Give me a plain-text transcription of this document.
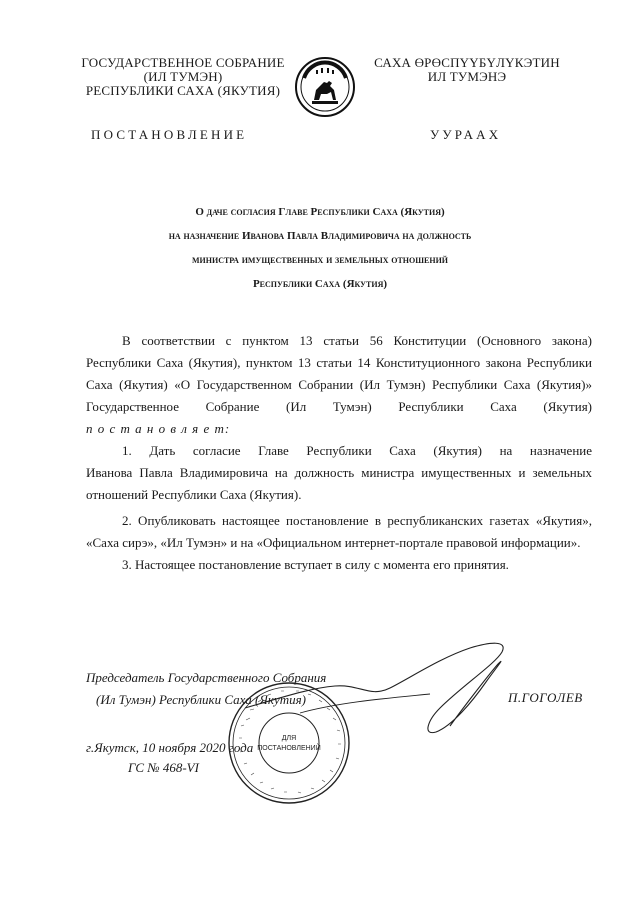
ГОСУДАРСТВЕННОЕ СОБРАНИЕ
(ИЛ ТУМЭН)
РЕСПУБЛИКИ САХА (ЯКУТИЯ)
САХА ӨРӨСПҮҮБҮЛҮКЭТИН
ИЛ ТУМЭНЭ
ПОСТАНОВЛЕНИЕ	УУРААХ
О даче согласия Главе Республики Саха (Якутия)
на назначение Иванова Павла Владимировича на должность
министра имущественных и земельных отношений
Республики Саха (Якутия)
В соответствии с пунктом 13 статьи 56 Конституции (Основного закона)
Республики Саха (Якутия), пунктом 13 статьи 14 Конституционного закона Республики
Саха (Якутия) «О Государственном Собрании (Ил Тумэн) Республики Саха (Якутия)»
Государственное Собрание (Ил Тумэн) Республики Саха (Якутия)
п о с т а н о в л я е т:
1. Дать согласие Главе Республики Саха (Якутия) на назначение
Иванова Павла Владимировича на должность министра имущественных и земельных
отношений Республики Саха (Якутия).
2. Опубликовать настоящее постановление в республиканских газетах «Якутия»,
«Саха сирэ», «Ил Тумэн» и на «Официальном интернет-портале правовой информации».
3. Настоящее постановление вступает в силу с момента его принятия.
Председатель Государственного Собрания
(Ил Тумэн) Республики Саха (Якутия)	П.ГОГОЛЕВ
г.Якутск, 10 ноября 2020 года
ГС № 468-VI
ДЛЯ
ПОСТАНОВЛЕНИЙ
